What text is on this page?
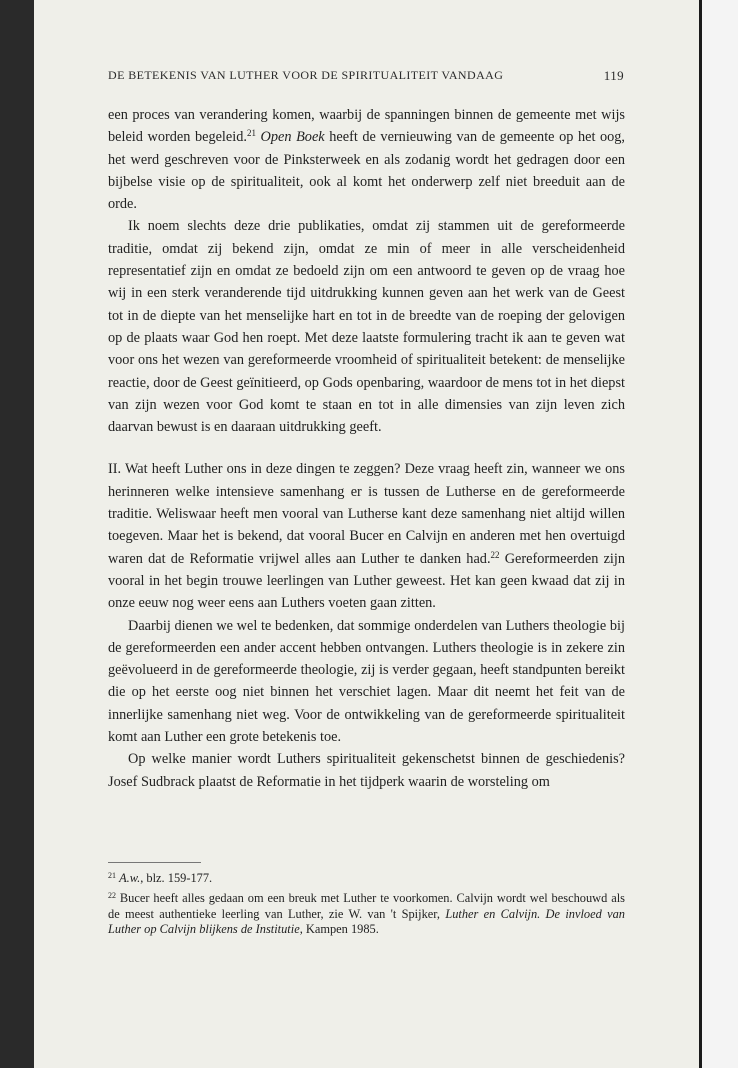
DE BETEKENIS VAN LUTHER VOOR DE SPIRITUALITEIT VANDAAG	119

een proces van verandering komen, waarbij de spanningen binnen de gemeente met wijs beleid worden begeleid.$^{21}$ Open Boek heeft de vernieuwing van de gemeente op het oog, het werd geschreven voor de Pinksterweek en als zodanig wordt het gedragen door een bijbelse visie op de spiritualiteit, ook al komt het onderwerp zelf niet breeduit aan de orde.

Ik noem slechts deze drie publikaties, omdat zij stammen uit de gereformeerde traditie, omdat zij bekend zijn, omdat ze min of meer in alle verscheidenheid representatief zijn en omdat ze bedoeld zijn om een antwoord te geven op de vraag hoe wij in een sterk veranderende tijd uitdrukking kunnen geven aan het werk van de Geest tot in de diepte van het menselijke hart en tot in de breedte van de roeping der gelovigen op de plaats waar God hen roept. Met deze laatste formulering tracht ik aan te geven wat voor ons het wezen van gereformeerde vroomheid of spiritualiteit betekent: de menselijke reactie, door de Geest geïnitieerd, op Gods openbaring, waardoor de mens tot in het diepst van zijn wezen voor God komt te staan en tot in alle dimensies van zijn leven zich daarvan bewust is en daaraan uitdrukking geeft.

II. Wat heeft Luther ons in deze dingen te zeggen? Deze vraag heeft zin, wanneer we ons herinneren welke intensieve samenhang er is tussen de Lutherse en de gereformeerde traditie. Weliswaar heeft men vooral van Lutherse kant deze samenhang niet altijd willen toegeven. Maar het is bekend, dat vooral Bucer en Calvijn en anderen met hen overtuigd waren dat de Reformatie vrijwel alles aan Luther te danken had.$^{22}$ Gereformeerden zijn vooral in het begin trouwe leerlingen van Luther geweest. Het kan geen kwaad dat zij in onze eeuw nog weer eens aan Luthers voeten gaan zitten.

Daarbij dienen we wel te bedenken, dat sommige onderdelen van Luthers theologie bij de gereformeerden een ander accent hebben ontvangen. Luthers theologie is in zekere zin geëvolueerd in de gereformeerde theologie, zij is verder gegaan, heeft standpunten bereikt die op het eerste oog niet binnen het verschiet lagen. Maar dit neemt het feit van de innerlijke samenhang niet weg. Voor de ontwikkeling van de gereformeerde spiritualiteit komt aan Luther een grote betekenis toe.

Op welke manier wordt Luthers spiritualiteit gekenschetst binnen de geschiedenis? Josef Sudbrack plaatst de Reformatie in het tijdperk waarin de worsteling om

$^{21}$ A.w., blz. 159-177.

$^{22}$ Bucer heeft alles gedaan om een breuk met Luther te voorkomen. Calvijn wordt wel beschouwd als de meest authentieke leerling van Luther, zie W. van 't Spijker, Luther en Calvijn. De invloed van Luther op Calvijn blijkens de Institutie, Kampen 1985.
